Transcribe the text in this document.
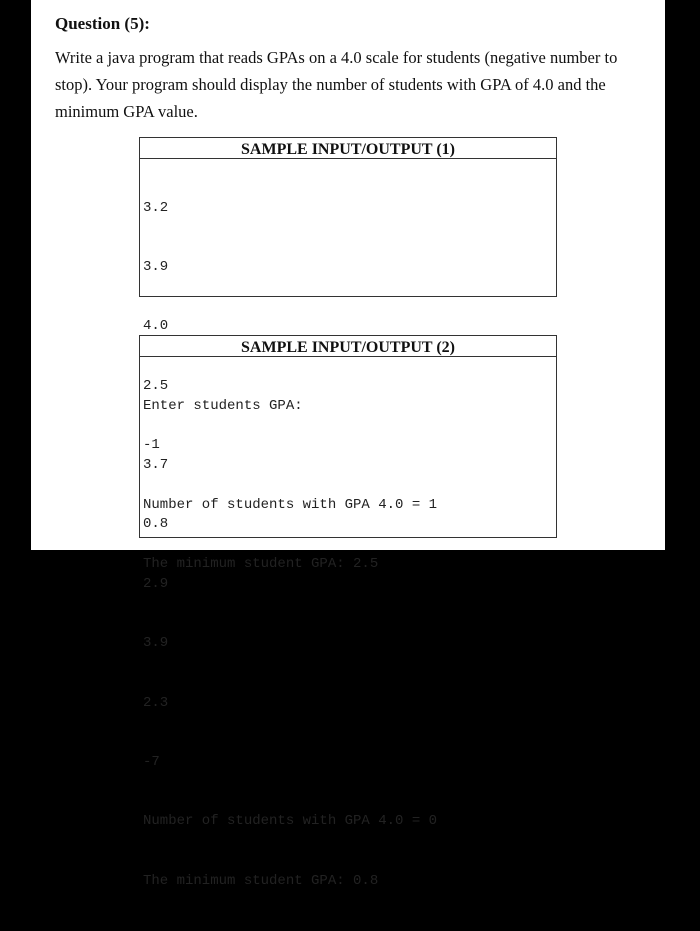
Question (5):

Write a java program that reads GPAs on a 4.0 scale for students (negative number to stop). Your program should display the number of students with GPA of 4.0 and the minimum GPA value.

SAMPLE INPUT/OUTPUT (1)

3.2

3.9

4.0

2.5

-1

Number of students with GPA 4.0 = 1

The minimum student GPA: 2.5

SAMPLE INPUT/OUTPUT (2)

Enter students GPA:

3.7

0.8

2.9

3.9

2.3

-7

Number of students with GPA 4.0 = 0

The minimum student GPA: 0.8
